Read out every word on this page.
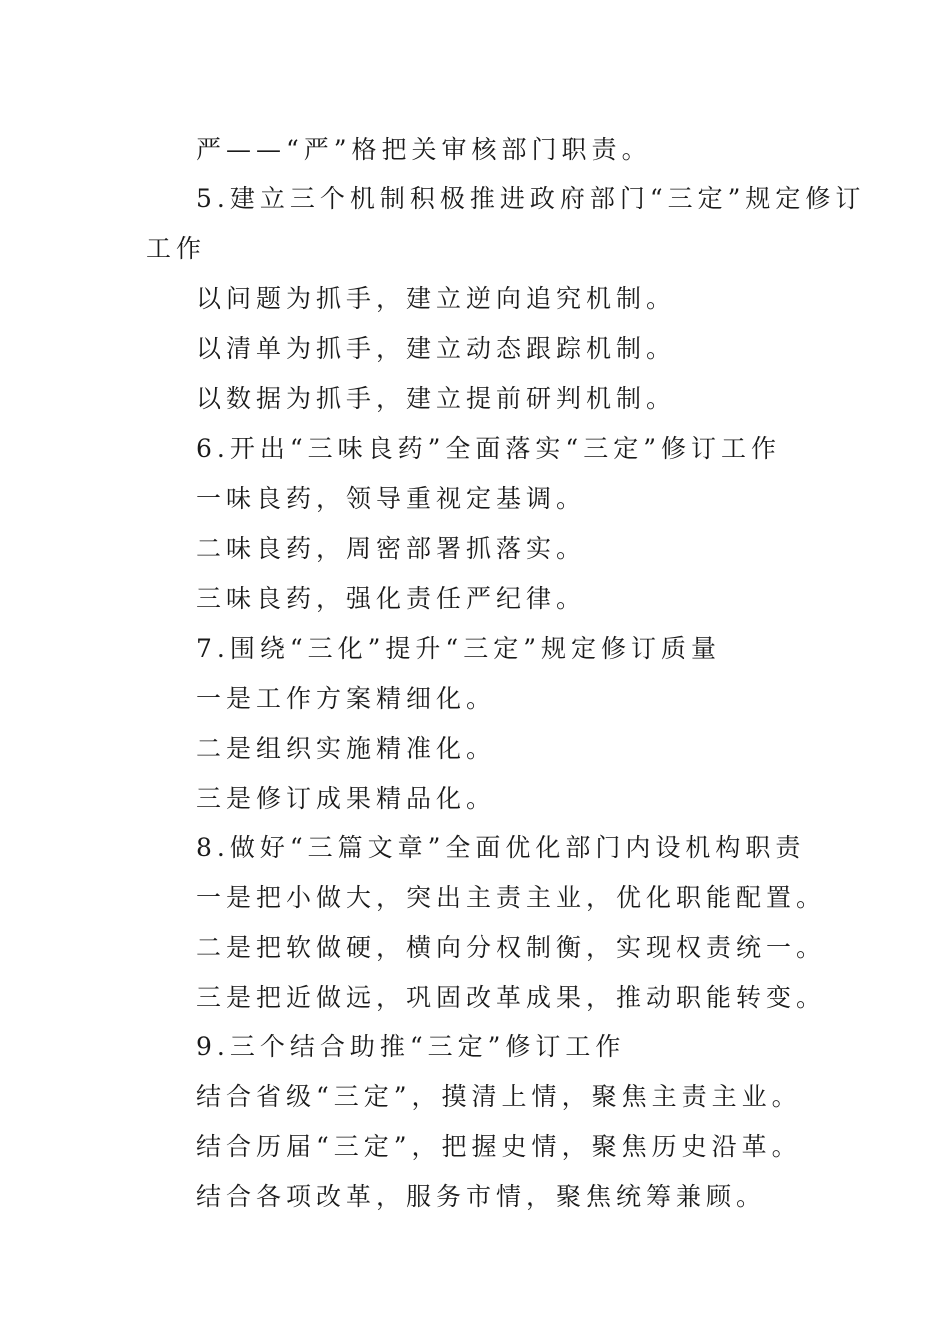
严——“严”格把关审核部门职责。
5.建立三个机制积极推进政府部门“三定”规定修订
工作
以问题为抓手，建立逆向追究机制。
以清单为抓手，建立动态跟踪机制。
以数据为抓手，建立提前研判机制。
6.开出“三味良药”全面落实“三定”修订工作
一味良药，领导重视定基调。
二味良药，周密部署抓落实。
三味良药，强化责任严纪律。
7.围绕“三化”提升“三定”规定修订质量
一是工作方案精细化。
二是组织实施精准化。
三是修订成果精品化。
8.做好“三篇文章”全面优化部门内设机构职责
一是把小做大，突出主责主业，优化职能配置。
二是把软做硬，横向分权制衡，实现权责统一。
三是把近做远，巩固改革成果，推动职能转变。
9.三个结合助推“三定”修订工作
结合省级“三定”，摸清上情，聚焦主责主业。
结合历届“三定”，把握史情，聚焦历史沿革。
结合各项改革，服务市情，聚焦统筹兼顾。
